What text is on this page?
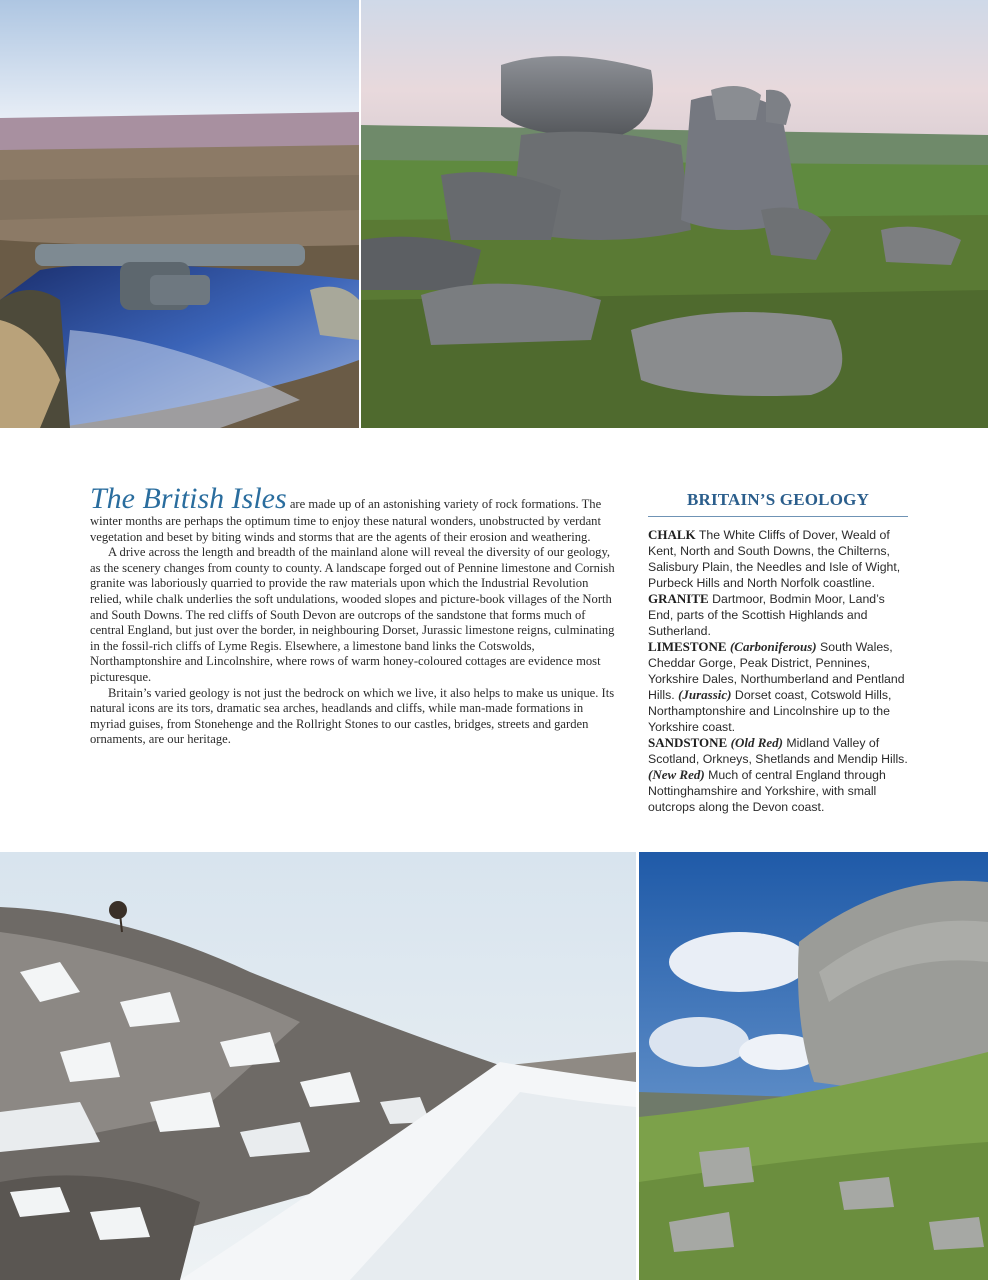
The British Isles are made up of an astonishing variety of rock formations. The winter months are perhaps the optimum time to enjoy these natural wonders, unobstructed by verdant vegetation and beset by biting winds and storms that are the agents of their erosion and weathering.

A drive across the length and breadth of the mainland alone will reveal the diversity of our geology, as the scenery changes from county to county. A landscape forged out of Pennine limestone and Cornish granite was laboriously quarried to provide the raw materials upon which the Industrial Revolution relied, while chalk underlies the soft undulations, wooded slopes and picture-book villages of the North and South Downs. The red cliffs of South Devon are outcrops of the sandstone that forms much of central England, but just over the border, in neighbouring Dorset, Jurassic limestone reigns, culminating in the fossil-rich cliffs of Lyme Regis. Elsewhere, a limestone band links the Cotswolds, Northamptonshire and Lincolnshire, where rows of warm honey-coloured cottages are evidence most picturesque.

Britain’s varied geology is not just the bedrock on which we live, it also helps to make us unique. Its natural icons are its tors, dramatic sea arches, headlands and cliffs, while man-made formations in myriad guises, from Stonehenge and the Rollright Stones to our castles, bridges, streets and garden ornaments, are our heritage.

BRITAIN’S GEOLOGY
CHALK The White Cliffs of Dover, Weald of Kent, North and South Downs, the Chilterns, Salisbury Plain, the Needles and Isle of Wight, Purbeck Hills and North Norfolk coastline.
GRANITE Dartmoor, Bodmin Moor, Land’s End, parts of the Scottish Highlands and Sutherland.
LIMESTONE (Carboniferous) South Wales, Cheddar Gorge, Peak District, Pennines, Yorkshire Dales, Northumberland and Pentland Hills. (Jurassic) Dorset coast, Cotswold Hills, Northamptonshire and Lincolnshire up to the Yorkshire coast.
SANDSTONE (Old Red) Midland Valley of Scotland, Orkneys, Shetlands and Mendip Hills. (New Red) Much of central England through Nottinghamshire and Yorkshire, with small outcrops along the Devon coast.
